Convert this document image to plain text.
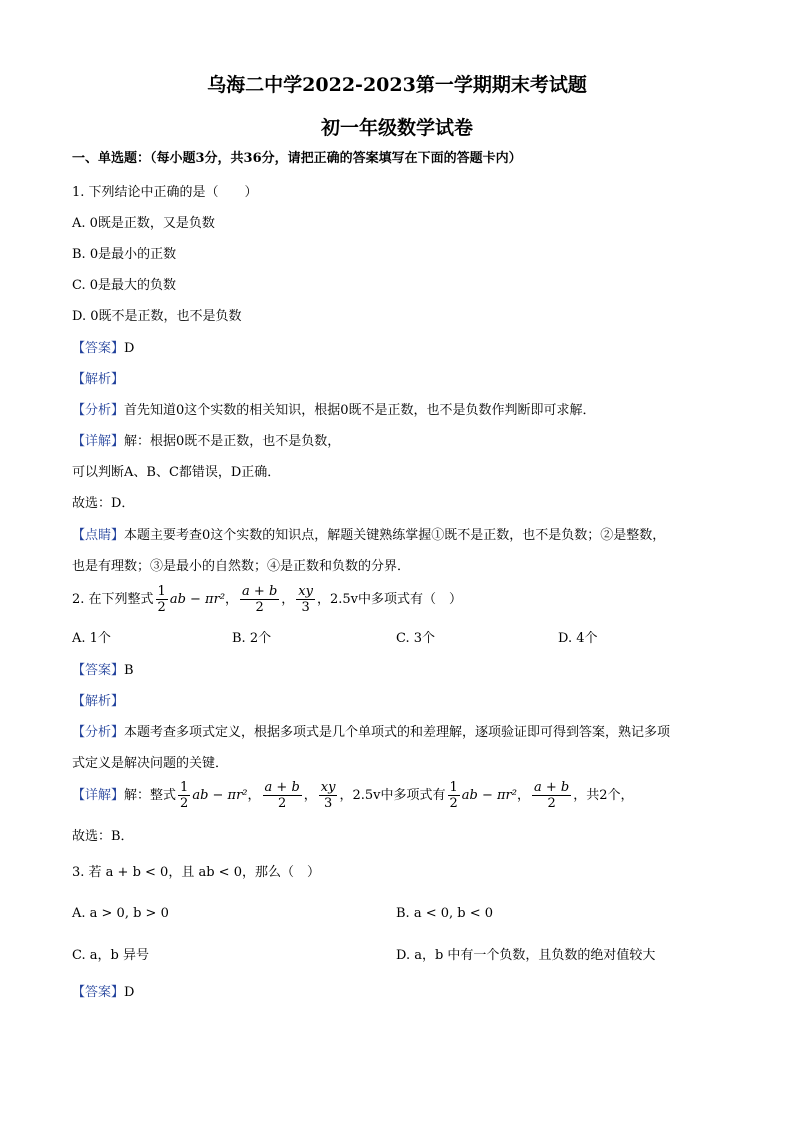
乌海二中学2022-2023第一学期期末考试题
初一年级数学试卷
一、单选题：（每小题3分，共36分，请把正确的答案填写在下面的答题卡内）
1. 下列结论中正确的是（　　）
A. 0既是正数，又是负数
B. 0是最小的正数
C. 0是最大的负数
D. 0既不是正数，也不是负数
【答案】D
【解析】
【分析】首先知道0这个实数的相关知识，根据0既不是正数，也不是负数作判断即可求解．
【详解】解：根据0既不是正数，也不是负数，
可以判断A、B、C都错误，D正确．
故选：D．
【点睛】本题主要考查0这个实数的知识点，解题关键熟练掌握①既不是正数，也不是负数；②是整数，
也是有理数；③是最小的自然数；④是正数和负数的分界．
2. 在下列整式 $\frac{1}{2}$ ab − πr²， $\frac{a + b}{2}$ ， $\frac{xy}{3}$ ，2.5v中多项式有（　）
A. 1个	B. 2个	C. 3个	D. 4个
【答案】B
【解析】
【分析】本题考查多项式定义，根据多项式是几个单项式的和差理解，逐项验证即可得到答案，熟记多项
式定义是解决问题的关键．
【详解】解：整式 $\frac{1}{2}$ ab − πr²， $\frac{a + b}{2}$ ， $\frac{xy}{3}$ ，2.5v中多项式有 $\frac{1}{2}$ ab − πr²， $\frac{a + b}{2}$ ，共2个，
故选：B．
3. 若 a + b < 0，且 ab < 0，那么（　）
A. a > 0, b > 0	B. a < 0, b < 0
C. a，b 异号	D. a，b 中有一个负数，且负数的绝对值较大
【答案】D
